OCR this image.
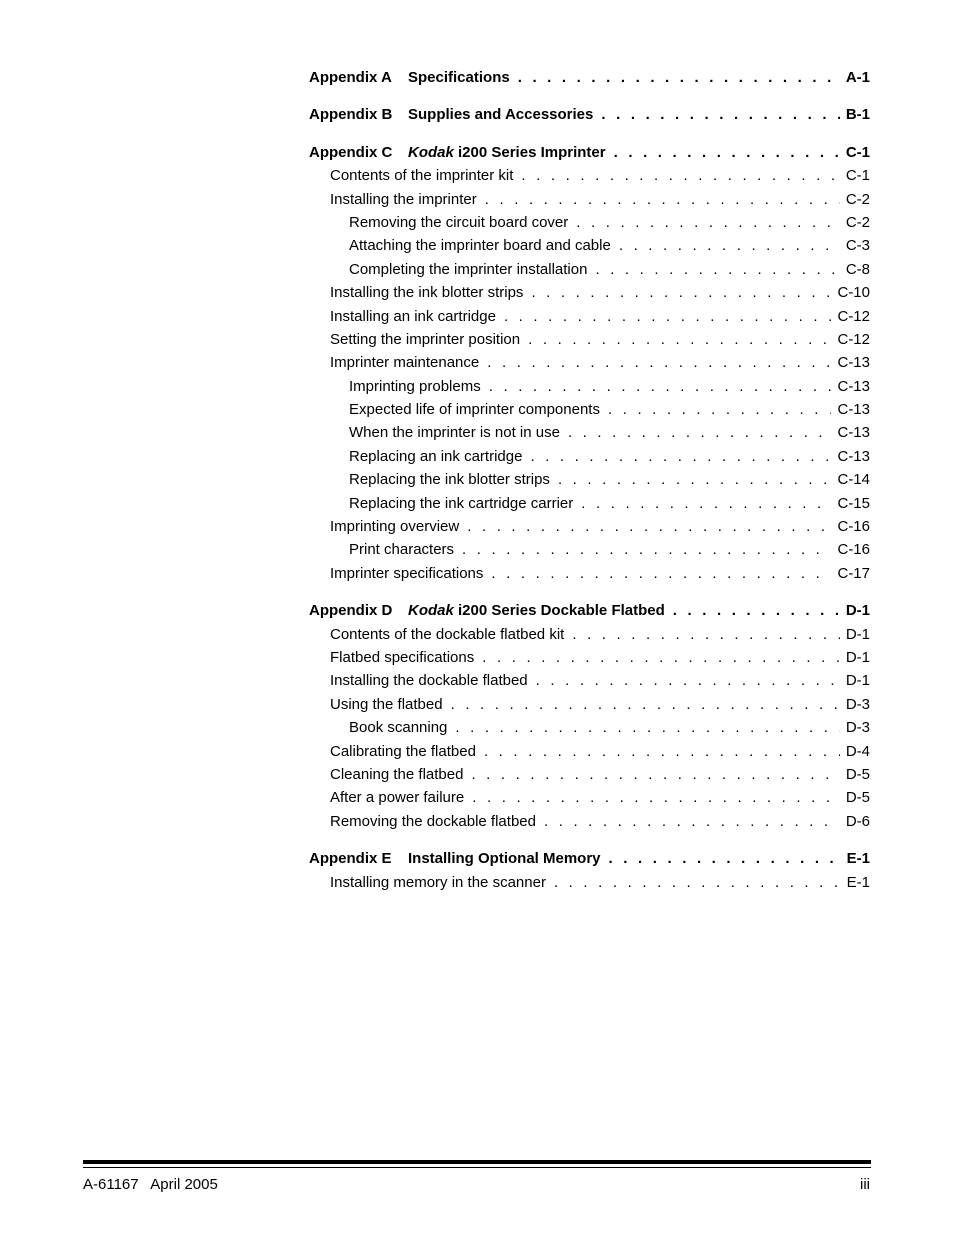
Appendix A Specifications . . .	A-1
Appendix B Supplies and Accessories . . .	B-1
Appendix C Kodak i200 Series Imprinter . . .	C-1
Contents of the imprinter kit . . .	C-1
Installing the imprinter . . .	C-2
Removing the circuit board cover . . .	C-2
Attaching the imprinter board and cable . . .	C-3
Completing the imprinter installation . . .	C-8
Installing the ink blotter strips . . .	C-10
Installing an ink cartridge . . .	C-12
Setting the imprinter position . . .	C-12
Imprinter maintenance . . .	C-13
Imprinting problems . . .	C-13
Expected life of imprinter components . . .	C-13
When the imprinter is not in use . . .	C-13
Replacing an ink cartridge . . .	C-13
Replacing the ink blotter strips . . .	C-14
Replacing the ink cartridge carrier . . .	C-15
Imprinting overview . . .	C-16
Print characters . . .	C-16
Imprinter specifications . . .	C-17
Appendix D Kodak i200 Series Dockable Flatbed . . .	D-1
Contents of the dockable flatbed kit . . .	D-1
Flatbed specifications . . .	D-1
Installing the dockable flatbed . . .	D-1
Using the flatbed . . .	D-3
Book scanning . . .	D-3
Calibrating the flatbed . . .	D-4
Cleaning the flatbed . . .	D-5
After a power failure . . .	D-5
Removing the dockable flatbed . . .	D-6
Appendix E Installing Optional Memory . . .	E-1
Installing memory in the scanner . . .	E-1
A-61167   April 2005	iii
